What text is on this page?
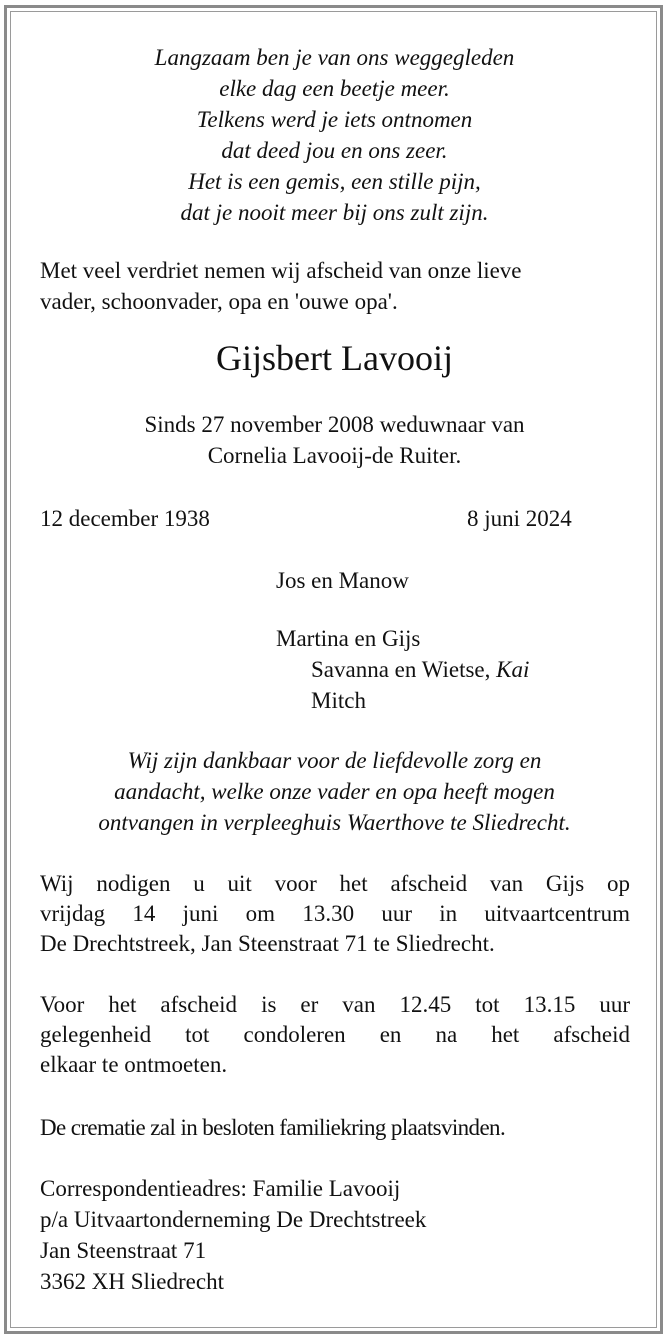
Langzaam ben je van ons weggegleden
elke dag een beetje meer.
Telkens werd je iets ontnomen
dat deed jou en ons zeer.
Het is een gemis, een stille pijn,
dat je nooit meer bij ons zult zijn.
Met veel verdriet nemen wij afscheid van onze lieve
vader, schoonvader, opa en 'ouwe opa'.
Gijsbert Lavooij
Sinds 27 november 2008 weduwnaar van
Cornelia Lavooij-de Ruiter.
12 december 1938	8 juni 2024
Jos en Manow
Martina en Gijs
Savanna en Wietse, Kai
Mitch
Wij zijn dankbaar voor de liefdevolle zorg en
aandacht, welke onze vader en opa heeft mogen
ontvangen in verpleeghuis Waerthove te Sliedrecht.
Wij nodigen u uit voor het afscheid van Gijs op
vrijdag 14 juni om 13.30 uur in uitvaartcentrum
De Drechtstreek, Jan Steenstraat 71 te Sliedrecht.
Voor het afscheid is er van 12.45 tot 13.15 uur
gelegenheid tot condoleren en na het afscheid
elkaar te ontmoeten.
De crematie zal in besloten familiekring plaatsvinden.
Correspondentieadres: Familie Lavooij
p/a Uitvaartonderneming De Drechtstreek
Jan Steenstraat 71
3362 XH Sliedrecht
